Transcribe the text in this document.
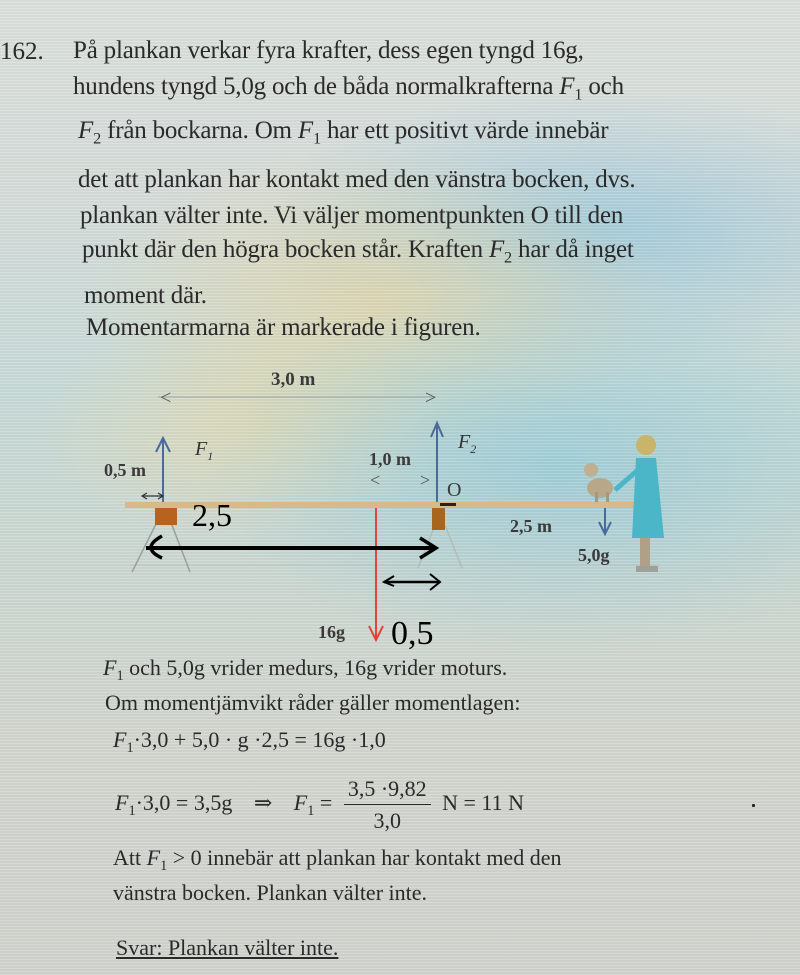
162. På plankan verkar fyra krafter, dess egen tyngd 16g,
hundens tyngd 5,0g och de båda normalkrafterna $F_1$ och
$F_2$ från bockarna. Om $F_1$ har ett positivt värde innebär
det att plankan har kontakt med den vänstra bocken, dvs.
plankan välter inte. Vi väljer momentpunkten O till den
punkt där den högra bocken står. Kraften $F_2$ har då inget
moment där.
Momentarmarna är markerade i figuren.
<	>
3,0 m
$F_1$
0,5 m
$F_2$
1,0 m
< > O
16g
2,5 m
5,0g
2,5
0,5
$F_1$ och 5,0g vrider medurs, 16g vrider moturs.
Om momentjämvikt råder gäller momentlagen:
$F_1\cdot 3,0 + 5,0 \cdot g \cdot 2,5 = 16g \cdot 1,0$
$F_1\cdot 3,0 = 3,5g$ ⇒ $F_1 = \frac{3,5 \cdot 9,82}{3,0}$ N = 11 N
Att $F_1 > 0$ innebär att plankan har kontakt med den
vänstra bocken. Plankan välter inte.
Svar: Plankan välter inte.
